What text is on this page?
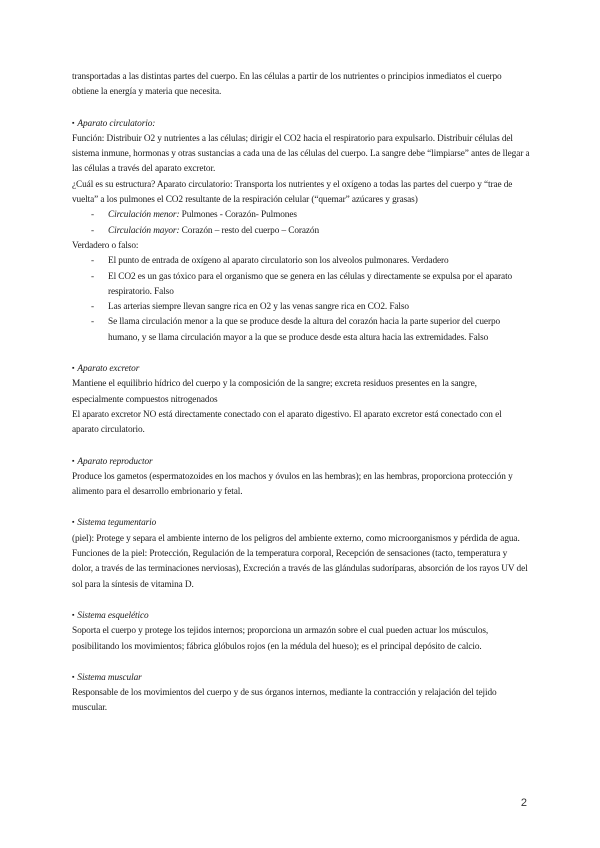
transportadas a las distintas partes del cuerpo. En las células a partir de los nutrientes o principios inmediatos el cuerpo obtiene la energía y materia que necesita.

▪ Aparato circulatorio:

Función: Distribuir O2 y nutrientes a las células; dirigir el CO2 hacia el respiratorio para expulsarlo. Distribuir células del sistema inmune, hormonas y otras sustancias a cada una de las células del cuerpo. La sangre debe “limpiarse” antes de llegar a las células a través del aparato excretor.

¿Cuál es su estructura? Aparato circulatorio: Transporta los nutrientes y el oxígeno a todas las partes del cuerpo y “trae de vuelta” a los pulmones el CO2 resultante de la respiración celular (“quemar” azúcares y grasas)

- Circulación menor: Pulmones - Corazón- Pulmones
- Circulación mayor: Corazón – resto del cuerpo – Corazón

Verdadero o falso:

- El punto de entrada de oxígeno al aparato circulatorio son los alveolos pulmonares. Verdadero
- El CO2 es un gas tóxico para el organismo que se genera en las células y directamente se expulsa por el aparato respiratorio. Falso
- Las arterias siempre llevan sangre rica en O2 y las venas sangre rica en CO2. Falso
- Se llama circulación menor a la que se produce desde la altura del corazón hacia la parte superior del cuerpo humano, y se llama circulación mayor a la que se produce desde esta altura hacia las extremidades. Falso

▪ Aparato excretor

Mantiene el equilibrio hídrico del cuerpo y la composición de la sangre; excreta residuos presentes en la sangre, especialmente compuestos nitrogenados

El aparato excretor NO está directamente conectado con el aparato digestivo. El aparato excretor está conectado con el aparato circulatorio.

▪ Aparato reproductor

Produce los gametos (espermatozoides en los machos y óvulos en las hembras); en las hembras, proporciona protección y alimento para el desarrollo embrionario y fetal.

▪ Sistema tegumentario

(piel): Protege y separa el ambiente interno de los peligros del ambiente externo, como microorganismos y pérdida de agua.

Funciones de la piel: Protección, Regulación de la temperatura corporal, Recepción de sensaciones (tacto, temperatura y dolor, a través de las terminaciones nerviosas), Excreción a través de las glándulas sudoríparas, absorción de los rayos UV del sol para la síntesis de vitamina D.

▪ Sistema esquelético

Soporta el cuerpo y protege los tejidos internos; proporciona un armazón sobre el cual pueden actuar los músculos, posibilitando los movimientos; fábrica glóbulos rojos (en la médula del hueso); es el principal depósito de calcio.

▪ Sistema muscular

Responsable de los movimientos del cuerpo y de sus órganos internos, mediante la contracción y relajación del tejido muscular.

2
